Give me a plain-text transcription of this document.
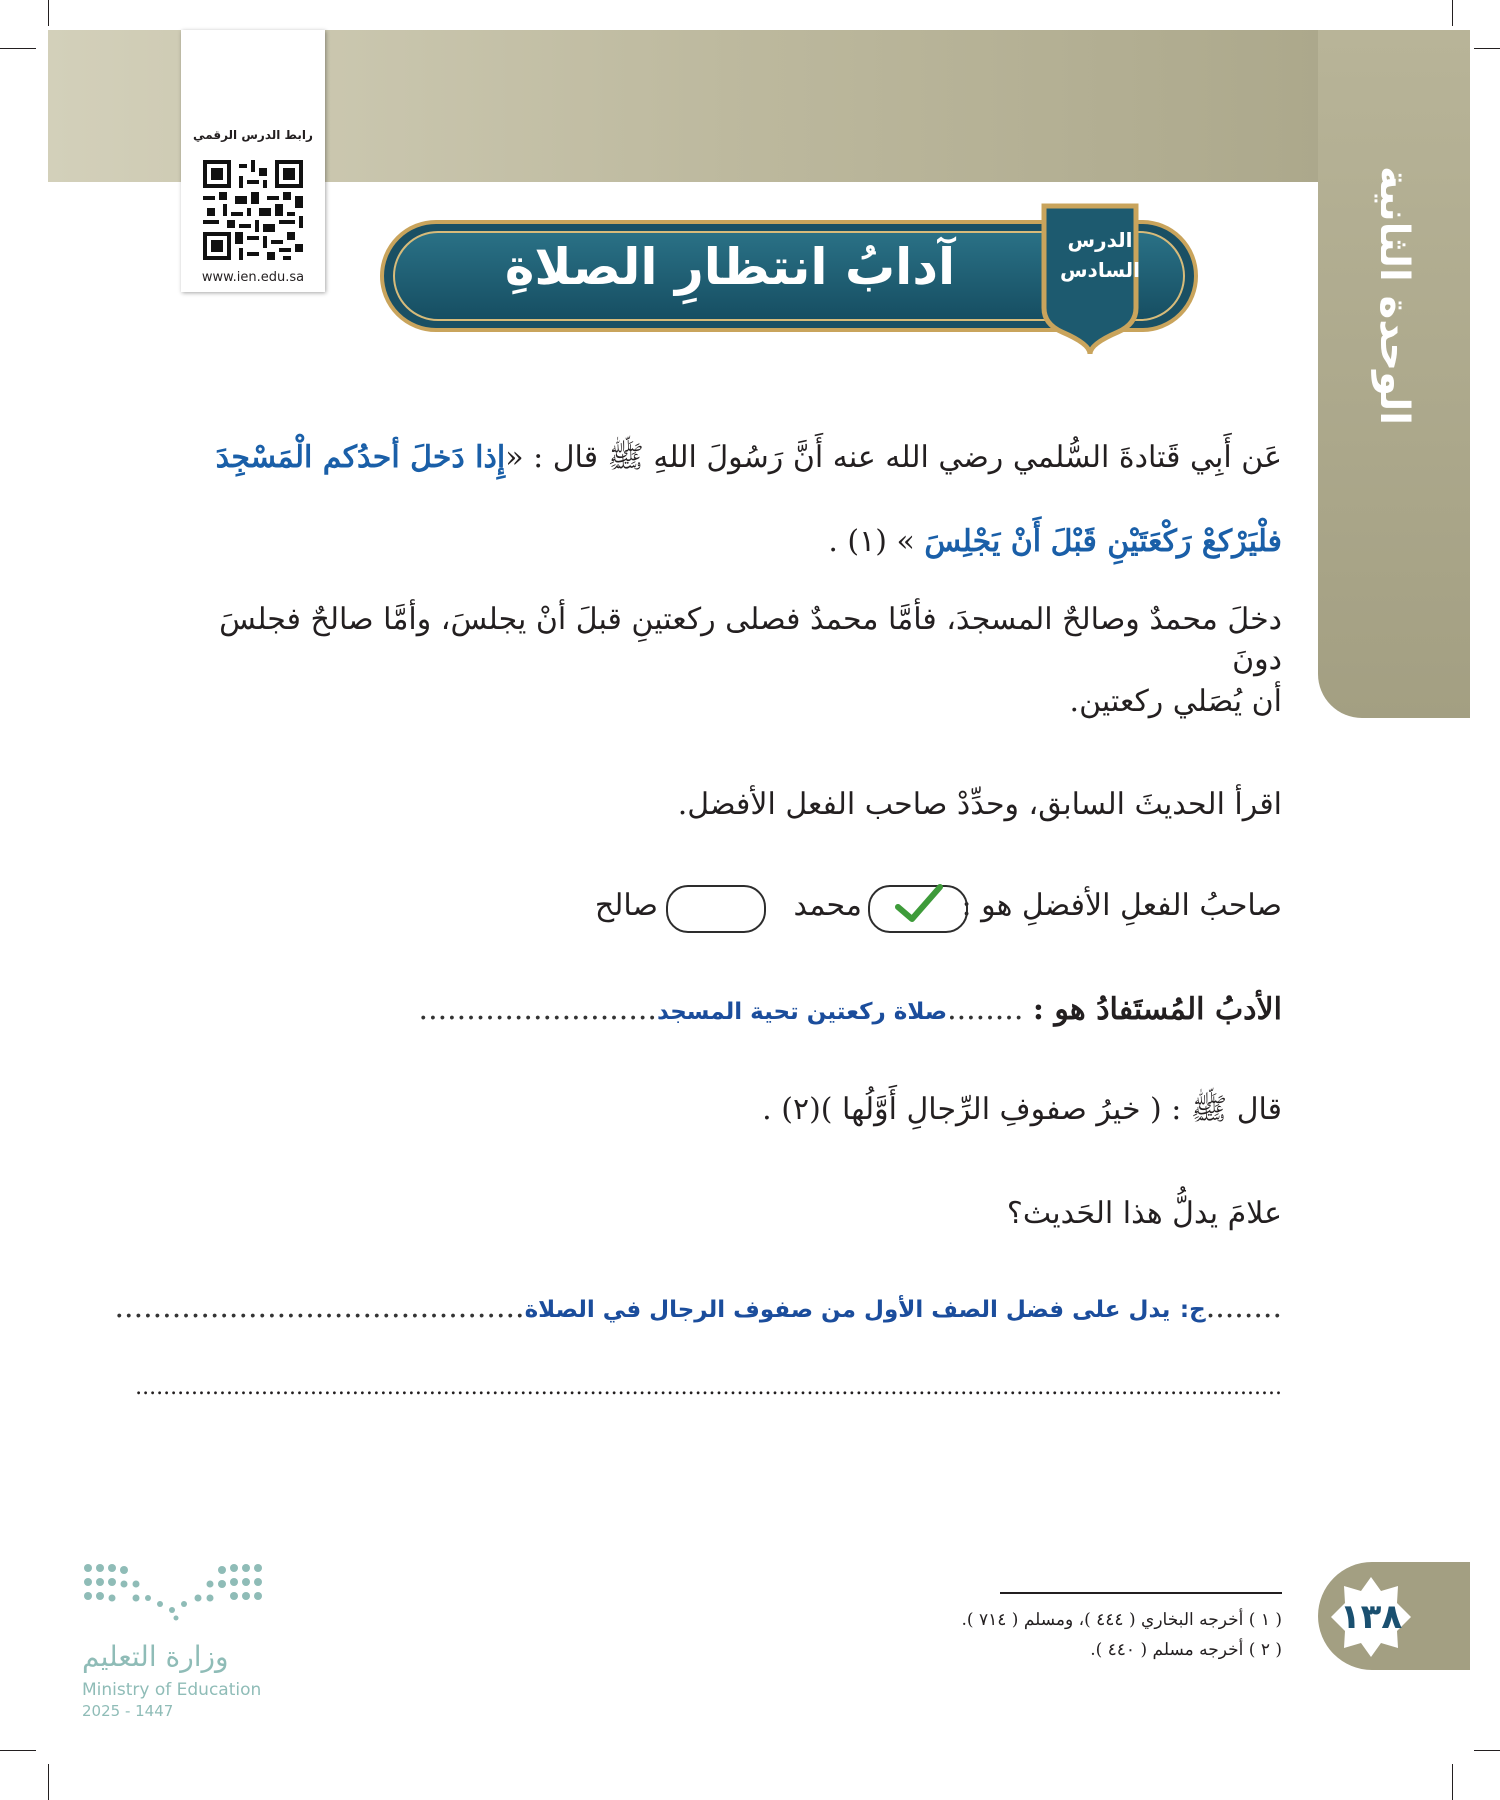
الوحدة الثانية
رابط الدرس الرقمي
www.ien.edu.sa	آدابُ انتظارِ الصلاةِ	الدرس
السادس
عَن أَبِي قَتادةَ السُّلمي رضي الله عنه أَنَّ رَسُولَ اللهِ ﷺ قال : «إِذا دَخلَ أحدُكم الْمَسْجِدَ فلْيَرْكعْ رَكْعَتَيْنِ قَبْلَ أَنْ يَجْلِسَ » (١) .
دخلَ محمدٌ وصالحٌ المسجدَ، فأمَّا محمدٌ فصلى ركعتينِ قبلَ أنْ يجلسَ، وأمَّا صالحٌ فجلسَ دونَ
أن يُصَلي ركعتين.
اقرأ الحديثَ السابق، وحدِّدْ صاحب الفعل الأفضل.
صاحبُ الفعلِ الأفضلِ هو :
محمد
صالح
الأدبُ المُستَفادُ هو : ........صلاة ركعتين تحية المسجد.........................
قال ﷺ : ( خيرُ صفوفِ الرِّجالِ أَوَّلُها )(٢) .
علامَ يدلُّ هذا الحَديث؟
........ج: يدل على فضل الصف الأول من صفوف الرجال في الصلاة...........................................
....................................................................................................................................................................
١٣٨
( ١ ) أخرجه البخاري ( ٤٤٤ )، ومسلم ( ٧١٤ ).
( ٢ ) أخرجه مسلم ( ٤٤٠ ).
وزارة التعليم
Ministry of Education
2025 - 1447
